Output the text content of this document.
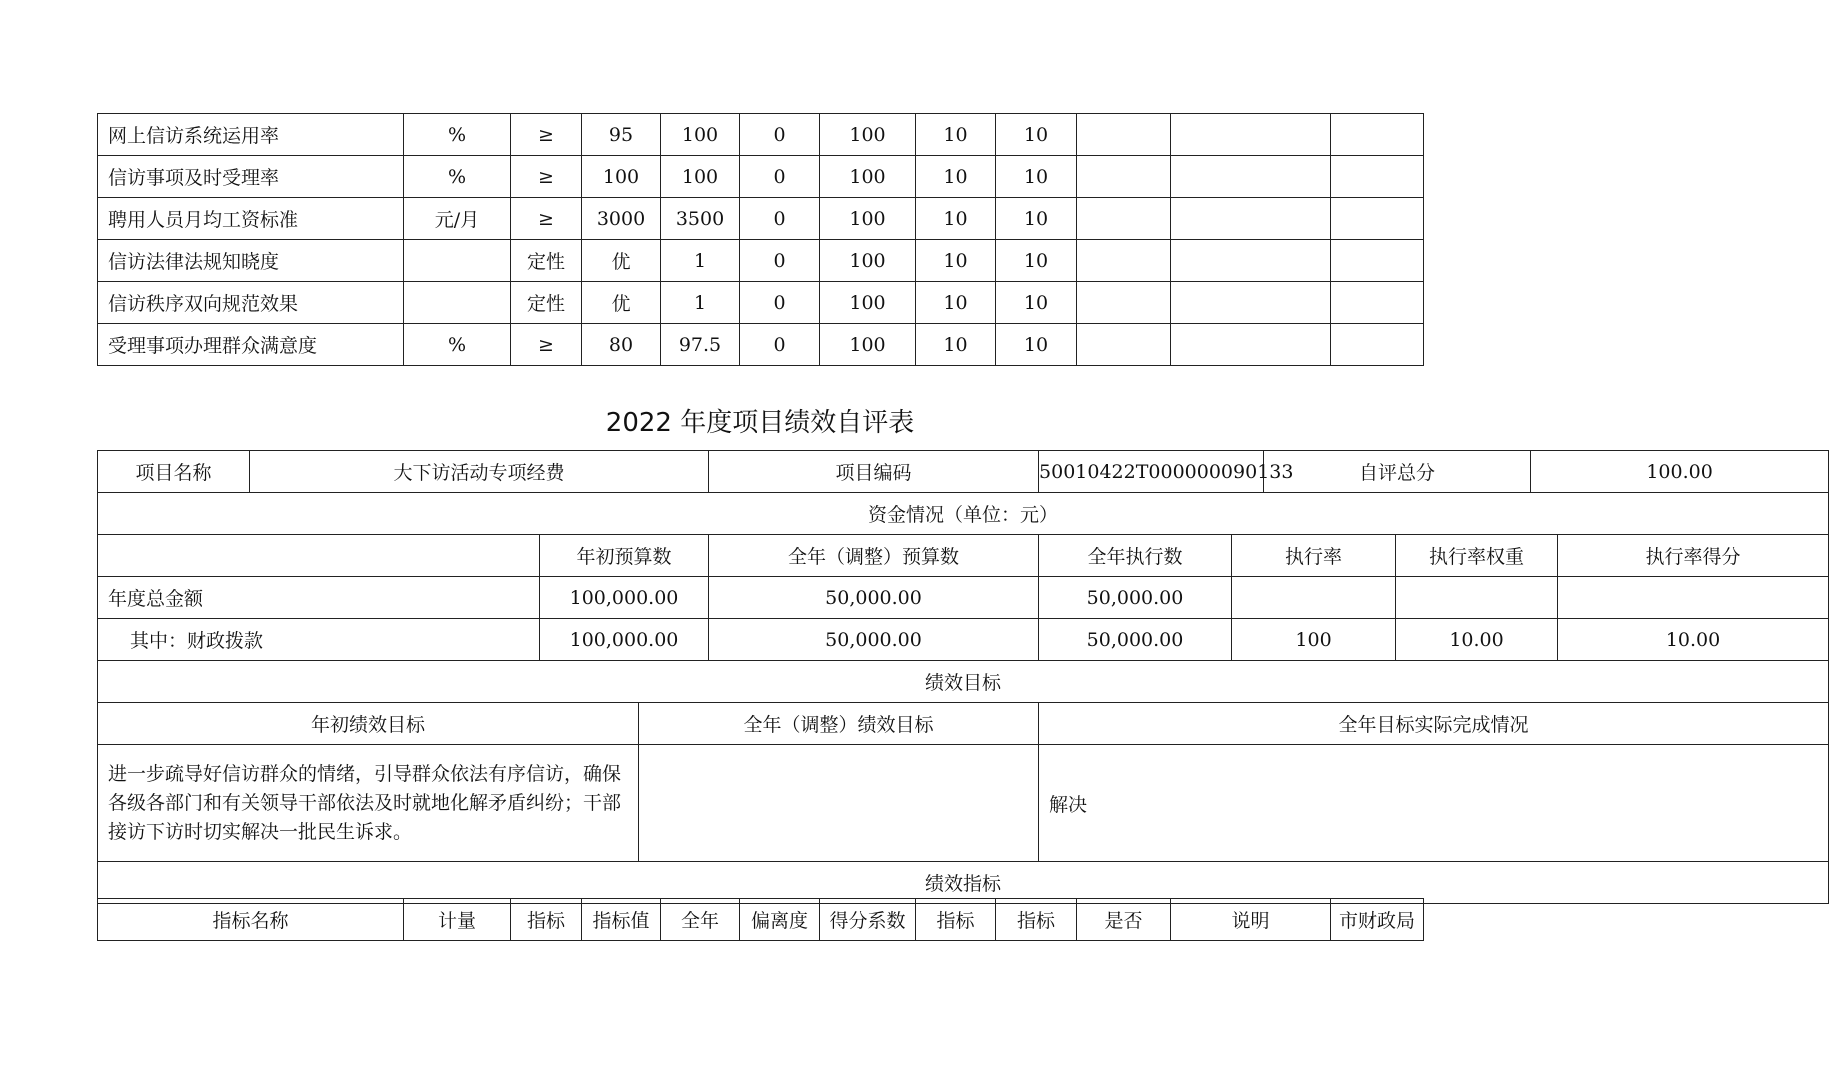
网上信访系统运用率	%	≥	95	100	0	100	10	10			
信访事项及时受理率	%	≥	100	100	0	100	10	10			
聘用人员月均工资标准	元/月	≥	3000	3500	0	100	10	10			
信访法律法规知晓度		定性	优	1	0	100	10	10			
信访秩序双向规范效果		定性	优	1	0	100	10	10			
受理事项办理群众满意度	%	≥	80	97.5	0	100	10	10			
2022 年度项目绩效自评表
项目名称	大下访活动专项经费			项目编码	50010422T000000090133		自评总分		100.00	
资金情况（单位：元）										
		年初预算数		全年（调整）预算数	全年执行数	执行率		执行率权重		执行率得分
年度总金额		100,000.00		50,000.00	50,000.00					
其中：财政拨款		100,000.00		50,000.00	50,000.00	100		10.00		10.00
绩效目标										
年初绩效目标			全年（调整）绩效目标		全年目标实际完成情况					
进一步疏导好信访群众的情绪，引导群众依法有序信访，确保各级各部门和有关领导干部依法及时就地化解矛盾纠纷；干部接访下访时切实解决一批民生诉求。					解决					
绩效指标										
指标名称	计量	指标	指标值	全年	偏离度	得分系数	指标	指标	是否	说明	市财政局
